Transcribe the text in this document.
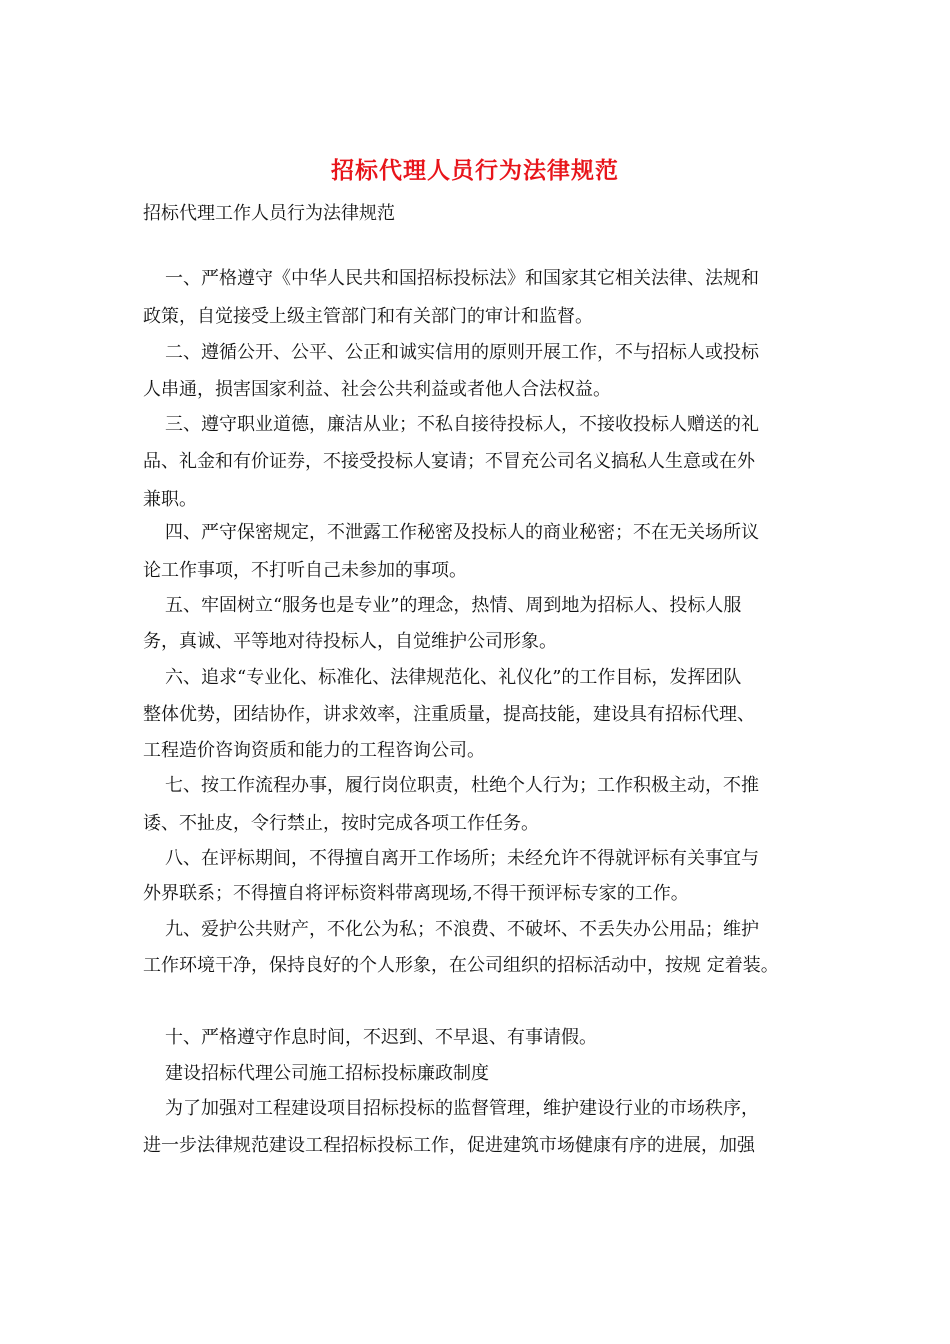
招标代理人员行为法律规范
招标代理工作人员行为法律规范
一、严格遵守《中华人民共和国招标投标法》和国家其它相关法律、法规和
政策，自觉接受上级主管部门和有关部门的审计和监督。
二、遵循公开、公平、公正和诚实信用的原则开展工作，不与招标人或投标
人串通，损害国家利益、社会公共利益或者他人合法权益。
三、遵守职业道德，廉洁从业；不私自接待投标人，不接收投标人赠送的礼
品、礼金和有价证券，不接受投标人宴请；不冒充公司名义搞私人生意或在外
兼职。
四、严守保密规定，不泄露工作秘密及投标人的商业秘密；不在无关场所议
论工作事项，不打听自己未参加的事项。
五、牢固树立“服务也是专业”的理念，热情、周到地为招标人、投标人服
务，真诚、平等地对待投标人，自觉维护公司形象。
六、追求“专业化、标准化、法律规范化、礼仪化”的工作目标，发挥团队
整体优势，团结协作，讲求效率，注重质量，提高技能，建设具有招标代理、
工程造价咨询资质和能力的工程咨询公司。
七、按工作流程办事，履行岗位职责，杜绝个人行为；工作积极主动，不推
诿、不扯皮，令行禁止，按时完成各项工作任务。
八、在评标期间，不得擅自离开工作场所；未经允许不得就评标有关事宜与
外界联系；不得擅自将评标资料带离现场,不得干预评标专家的工作。
九、爱护公共财产，不化公为私；不浪费、不破坏、不丢失办公用品；维护
工作环境干净，保持良好的个人形象，在公司组织的招标活动中，按规 定着装。
十、严格遵守作息时间，不迟到、不早退、有事请假。
建设招标代理公司施工招标投标廉政制度
为了加强对工程建设项目招标投标的监督管理，维护建设行业的市场秩序，
进一步法律规范建设工程招标投标工作，促进建筑市场健康有序的进展，加强
